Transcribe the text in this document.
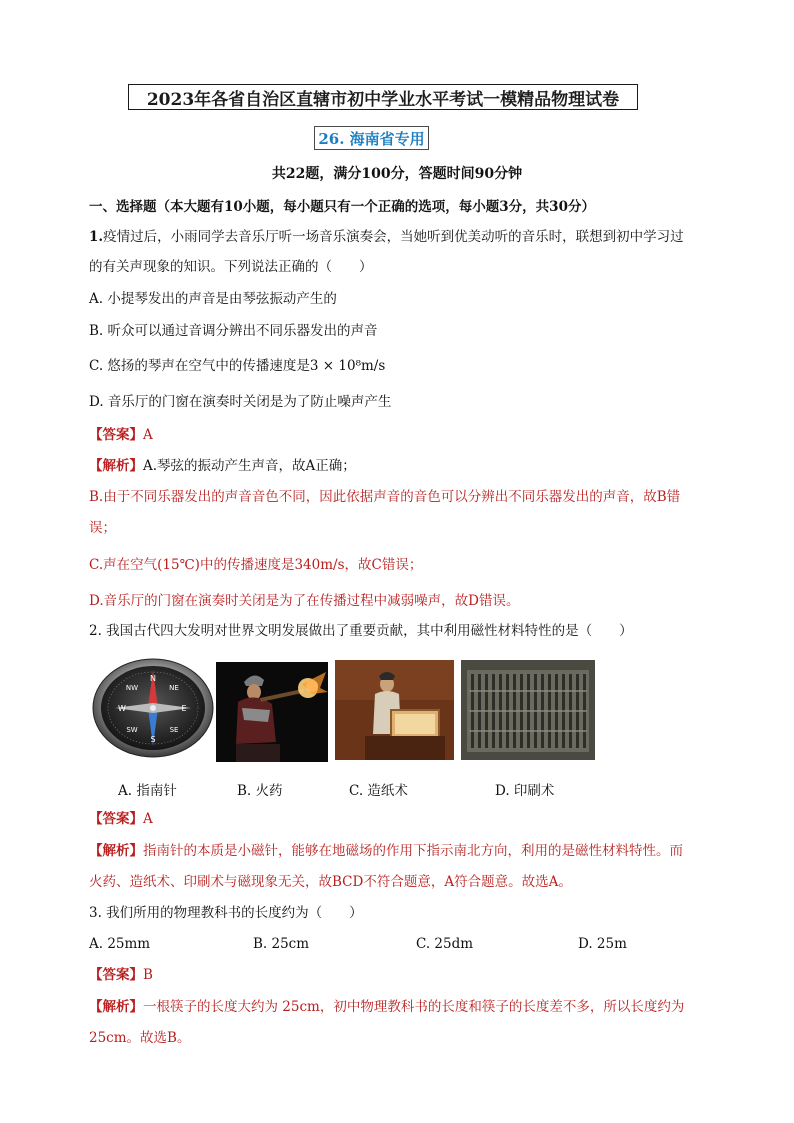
2023年各省自治区直辖市初中学业水平考试一模精品物理试卷
26. 海南省专用
共22题，满分100分，答题时间90分钟
一、选择题（本大题有10小题，每小题只有一个正确的选项，每小题3分，共30分）
1.疫情过后，小雨同学去音乐厅听一场音乐演奏会，当她听到优美动听的音乐时，联想到初中学习过
的有关声现象的知识。下列说法正确的（　　）
A. 小提琴发出的声音是由琴弦振动产生的
B. 听众可以通过音调分辨出不同乐器发出的声音
C. 悠扬的琴声在空气中的传播速度是3 × 10⁸m/s
D. 音乐厅的门窗在演奏时关闭是为了防止噪声产生
【答案】A
【解析】A.琴弦的振动产生声音，故A正确；
B.由于不同乐器发出的声音音色不同，因此依据声音的音色可以分辨出不同乐器发出的声音，故B错
误；
C.声在空气(15℃)中的传播速度是340m/s，故C错误；
D.音乐厅的门窗在演奏时关闭是为了在传播过程中减弱噪声，故D错误。
2. 我国古代四大发明对世界文明发展做出了重要贡献，其中利用磁性材料特性的是（　　）
N
NE
E
SE
S
SW
W
NW
A. 指南针	B. 火药	C. 造纸术	D. 印刷术
【答案】A
【解析】指南针的本质是小磁针，能够在地磁场的作用下指示南北方向，利用的是磁性材料特性。而
火药、造纸术、印刷术与磁现象无关，故BCD不符合题意，A符合题意。故选A。
3. 我们所用的物理教科书的长度约为（　　）
A. 25mm	B. 25cm	C. 25dm	D. 25m
【答案】B
【解析】一根筷子的长度大约为 25cm，初中物理教科书的长度和筷子的长度差不多，所以长度约为
25cm。故选B。
